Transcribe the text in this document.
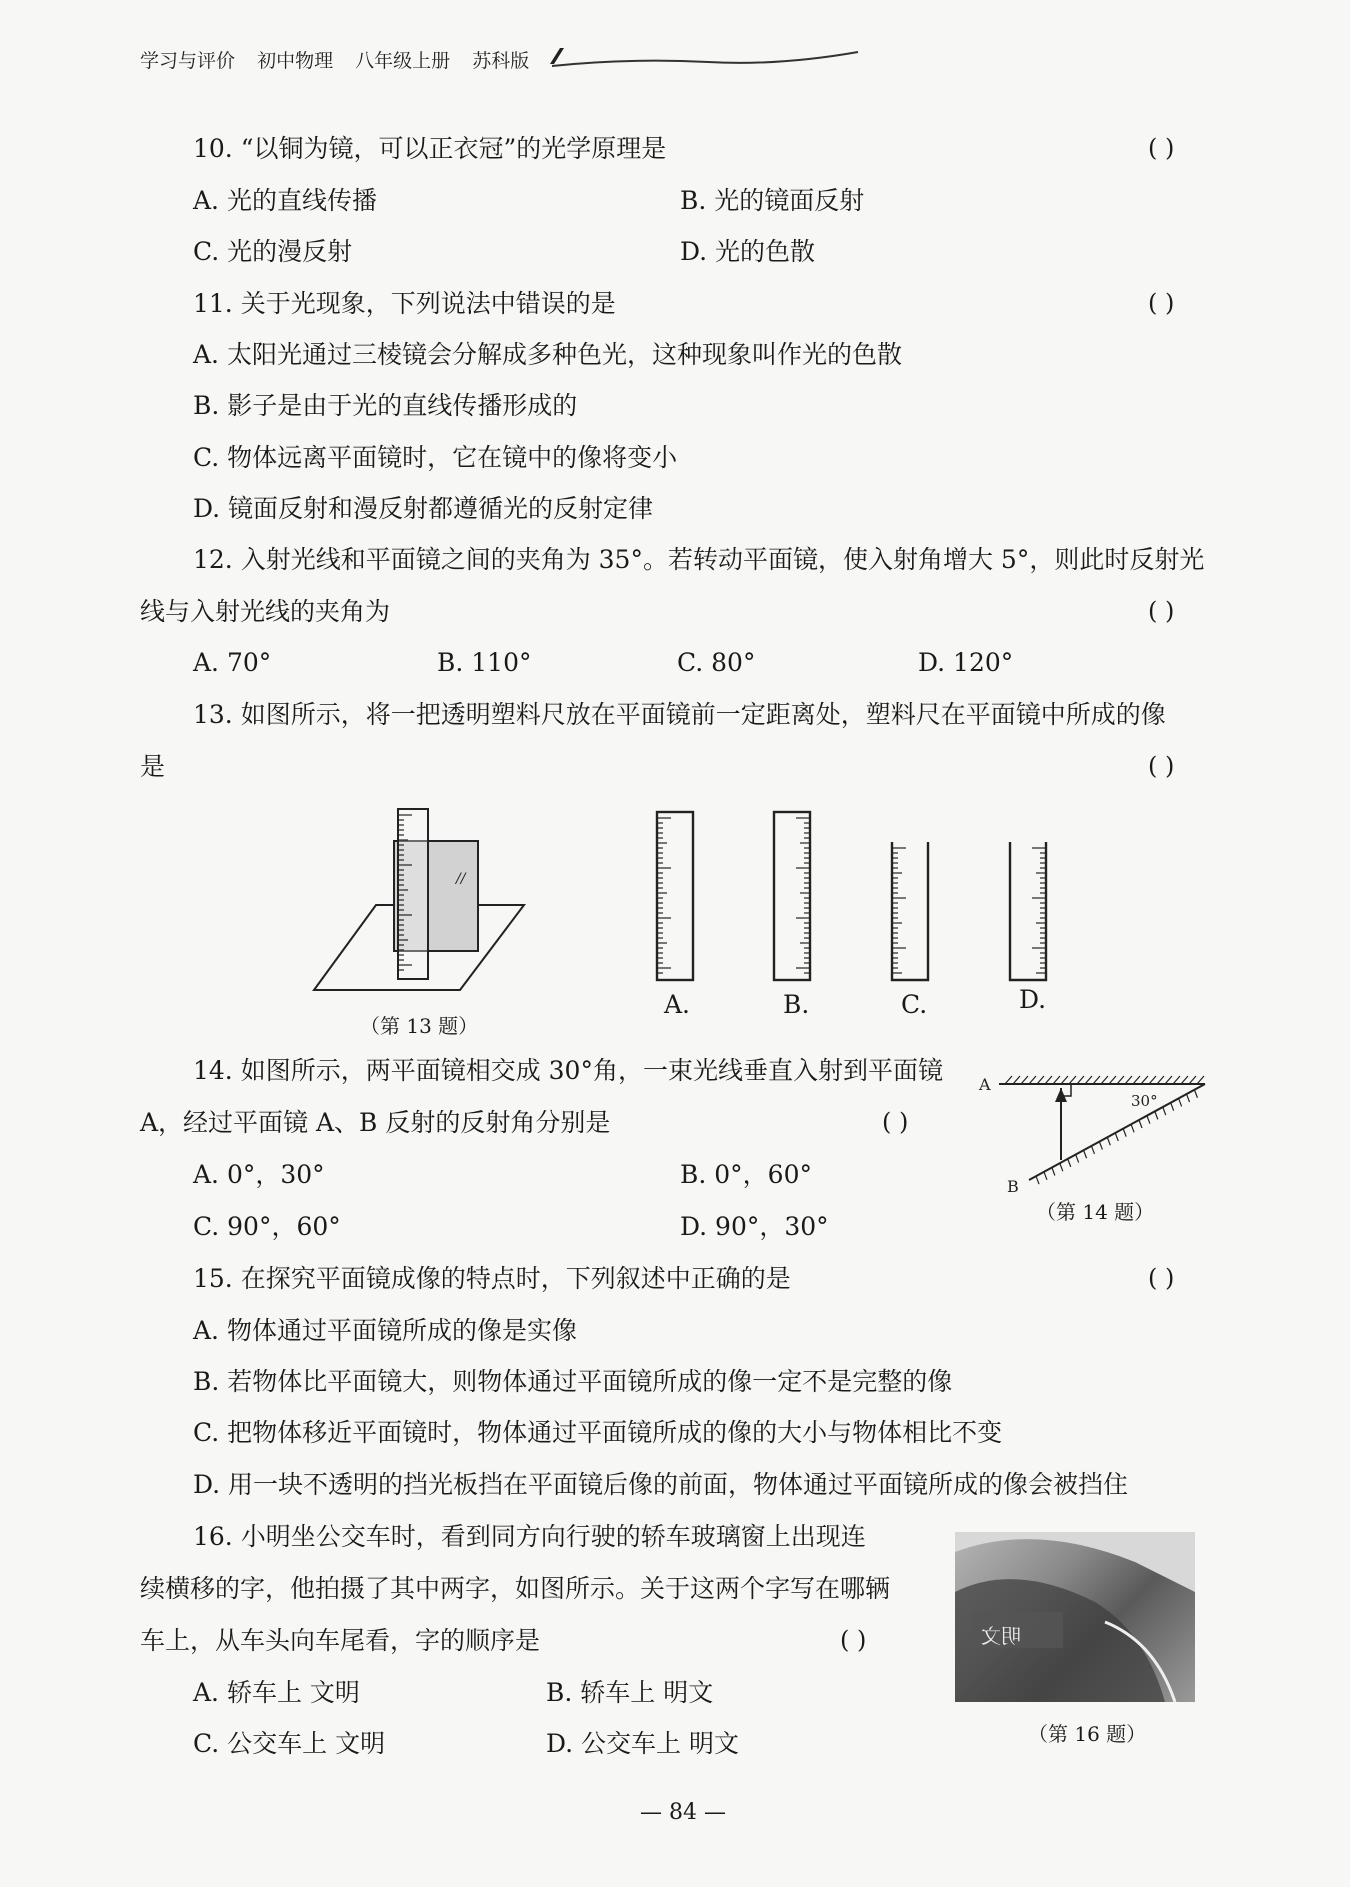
学习与评价 初中物理 八年级上册 苏科版
10. “以铜为镜，可以正衣冠”的光学原理是	( )
A. 光的直线传播	B. 光的镜面反射
C. 光的漫反射	D. 光的色散
11. 关于光现象，下列说法中错误的是	( )
A. 太阳光通过三棱镜会分解成多种色光，这种现象叫作光的色散
B. 影子是由于光的直线传播形成的
C. 物体远离平面镜时，它在镜中的像将变小
D. 镜面反射和漫反射都遵循光的反射定律
12. 入射光线和平面镜之间的夹角为 35°。若转动平面镜，使入射角增大 5°，则此时反射光
线与入射光线的夹角为	( )
A. 70°	B. 110°	C. 80°	D. 120°
13. 如图所示，将一把透明塑料尺放在平面镜前一定距离处，塑料尺在平面镜中所成的像
是	( )
//
A.	B.	C.	D.
（第 13 题）
14. 如图所示，两平面镜相交成 30°角，一束光线垂直入射到平面镜
A，经过平面镜 A、B 反射的反射角分别是	( )
A. 0°，30°	B. 0°，60°
C. 90°，60°	D. 90°，30°
A
B
30°
（第 14 题）
15. 在探究平面镜成像的特点时，下列叙述中正确的是	( )
A. 物体通过平面镜所成的像是实像
B. 若物体比平面镜大，则物体通过平面镜所成的像一定不是完整的像
C. 把物体移近平面镜时，物体通过平面镜所成的像的大小与物体相比不变
D. 用一块不透明的挡光板挡在平面镜后像的前面，物体通过平面镜所成的像会被挡住
16. 小明坐公交车时，看到同方向行驶的轿车玻璃窗上出现连
续横移的字，他拍摄了其中两字，如图所示。关于这两个字写在哪辆
车上，从车头向车尾看，字的顺序是	( )
A. 轿车上 文明	B. 轿车上 明文
C. 公交车上 文明	D. 公交车上 明文
明文
（第 16 题）
— 84 —
